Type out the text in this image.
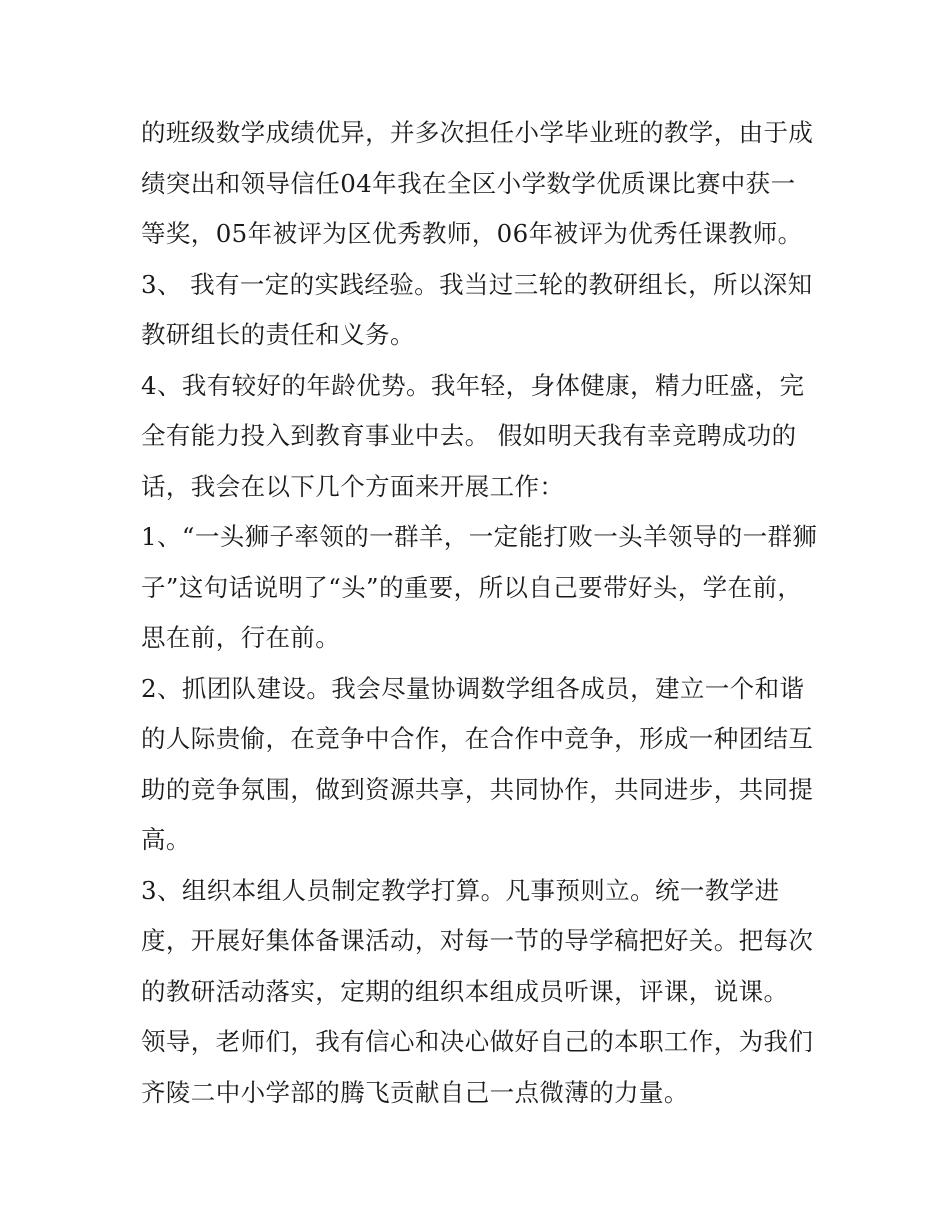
的班级数学成绩优异，并多次担任小学毕业班的教学，由于成
绩突出和领导信任04年我在全区小学数学优质课比赛中获一
等奖，05年被评为区优秀教师，06年被评为优秀任课教师。
3、 我有一定的实践经验。我当过三轮的教研组长，所以深知
教研组长的责任和义务。
4、我有较好的年龄优势。我年轻，身体健康，精力旺盛，完
全有能力投入到教育事业中去。 假如明天我有幸竞聘成功的
话，我会在以下几个方面来开展工作：
1、“一头狮子率领的一群羊，一定能打败一头羊领导的一群狮
子”这句话说明了“头”的重要，所以自己要带好头，学在前，
思在前，行在前。
2、抓团队建设。我会尽量协调数学组各成员，建立一个和谐
的人际贵偷，在竞争中合作，在合作中竞争，形成一种团结互
助的竞争氛围，做到资源共享，共同协作，共同进步，共同提
高。
3、组织本组人员制定教学打算。凡事预则立。统一教学进
度，开展好集体备课活动，对每一节的导学稿把好关。把每次
的教研活动落实，定期的组织本组成员听课，评课，说课。
领导，老师们，我有信心和决心做好自己的本职工作，为我们
齐陵二中小学部的腾飞贡献自己一点微薄的力量。
